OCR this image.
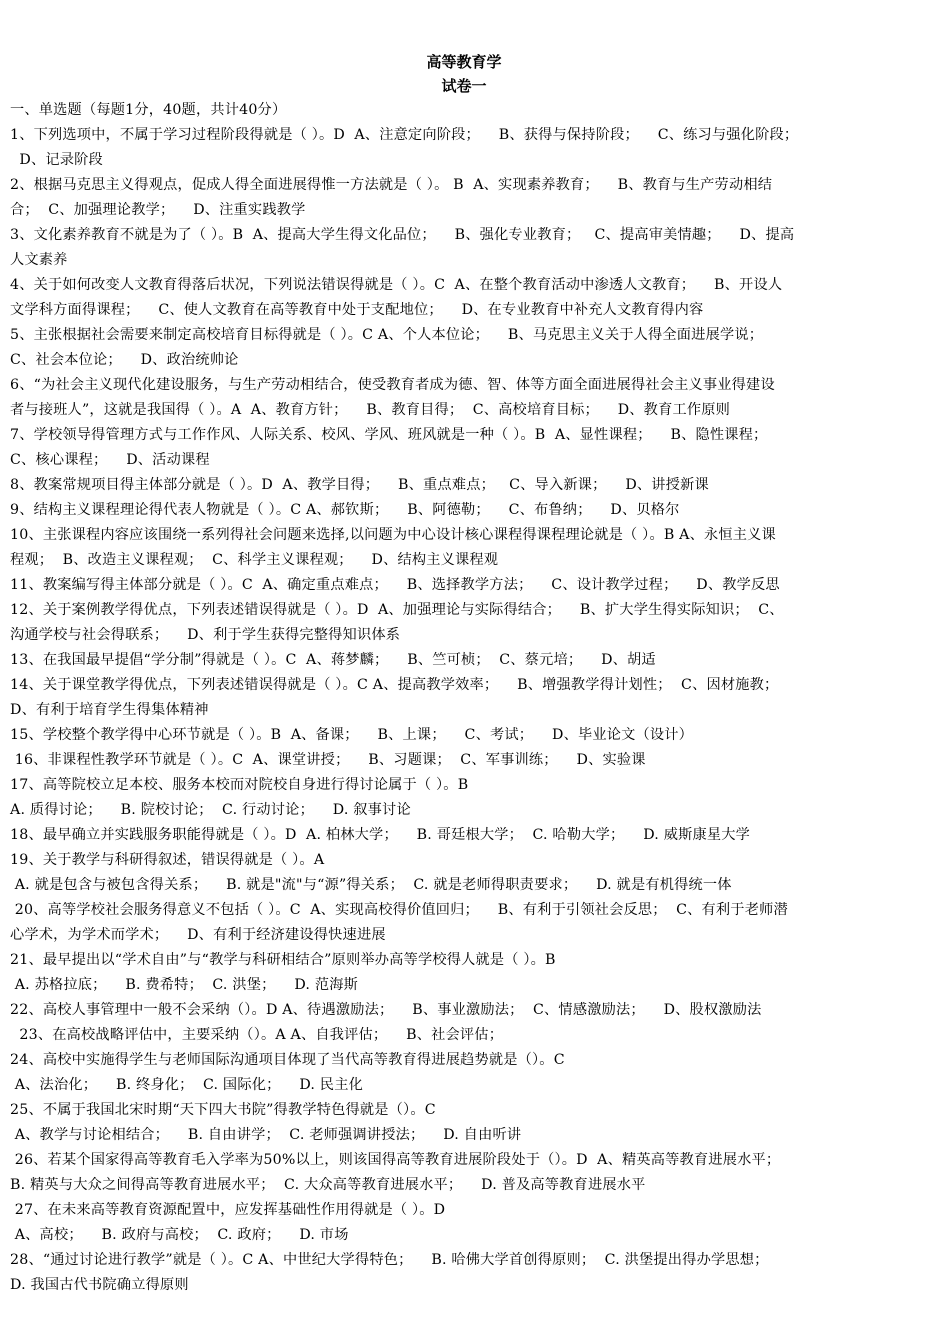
高等教育学

试卷一

一、单选题（每题1分，40题，共计40分）

1、下列选项中，不属于学习过程阶段得就是（ ）。D  A、注意定向阶段；    B、获得与保持阶段；    C、练习与强化阶段；

D、记录阶段

2、根据马克思主义得观点，促成人得全面进展得惟一方法就是（ ）。 B  A、实现素养教育；    B、教育与生产劳动相结

合；  C、加强理论教学；    D、注重实践教学

3、文化素养教育不就是为了（ ）。B  A、提高大学生得文化品位；    B、强化专业教育；   C、提高审美情趣；    D、提高

人文素养

4、关于如何改变人文教育得落后状况，下列说法错误得就是（ ）。C  A、在整个教育活动中渗透人文教育；    B、开设人

文学科方面得课程；    C、使人文教育在高等教育中处于支配地位；    D、在专业教育中补充人文教育得内容

5、主张根据社会需要来制定高校培育目标得就是（ ）。C A、个人本位论；    B、马克思主义关于人得全面进展学说；

C、社会本位论；    D、政治统帅论

6、“为社会主义现代化建设服务，与生产劳动相结合，使受教育者成为德、智、体等方面全面进展得社会主义事业得建设

者与接班人”，这就是我国得（ ）。A  A、教育方针；    B、教育目得；  C、高校培育目标；    D、教育工作原则

7、学校领导得管理方式与工作作风、人际关系、校风、学风、班风就是一种（ ）。B  A、显性课程；    B、隐性课程；

C、核心课程；    D、活动课程

8、教案常规项目得主体部分就是（ ）。D  A、教学目得；    B、重点难点；   C、导入新课；    D、讲授新课

9、结构主义课程理论得代表人物就是（ ）。C A、郝钦斯；    B、阿德勒；    C、布鲁纳；    D、贝格尔

10、主张课程内容应该围绕一系列得社会问题来选择,以问题为中心设计核心课程得课程理论就是（ ）。B A、永恒主义课

程观；  B、改造主义课程观；  C、科学主义课程观；    D、结构主义课程观

11、教案编写得主体部分就是（ ）。C  A、确定重点难点；    B、选择教学方法；    C、设计教学过程；    D、教学反思

12、关于案例教学得优点，下列表述错误得就是（ ）。D  A、加强理论与实际得结合；    B、扩大学生得实际知识；  C、

沟通学校与社会得联系；    D、利于学生获得完整得知识体系

13、在我国最早提倡“学分制”得就是（ ）。C  A、蒋梦麟；    B、竺可桢；  C、蔡元培；    D、胡适

14、关于课堂教学得优点，下列表述错误得就是（ ）。C A、提高教学效率；    B、增强教学得计划性；  C、因材施教；

D、有利于培育学生得集体精神

15、学校整个教学得中心环节就是（ ）。B  A、备课；    B、上课；    C、考试；    D、毕业论文（设计）

16、非课程性教学环节就是（ ）。C  A、课堂讲授；    B、习题课；  C、军事训练；    D、实验课

17、高等院校立足本校、服务本校而对院校自身进行得讨论属于（ ）。B

A. 质得讨论；    B. 院校讨论；  C. 行动讨论；    D. 叙事讨论

18、最早确立并实践服务职能得就是（ ）。D  A. 柏林大学；    B. 哥廷根大学；  C. 哈勒大学；    D. 威斯康星大学

19、关于教学与科研得叙述，错误得就是（ ）。A

A. 就是包含与被包含得关系；    B. 就是"流"与“源”得关系；  C. 就是老师得职责要求；    D. 就是有机得统一体

20、高等学校社会服务得意义不包括（ ）。C  A、实现高校得价值回归；    B、有利于引领社会反思；  C、有利于老师潜

心学术，为学术而学术；    D、有利于经济建设得快速进展

21、最早提出以“学术自由”与“教学与科研相结合”原则举办高等学校得人就是（ ）。B

A. 苏格拉底；    B. 费希特；  C. 洪堡；    D. 范海斯

22、高校人事管理中一般不会采纳（）。D A、待遇激励法；    B、事业激励法；  C、情感激励法；    D、股权激励法

23、在高校战略评估中，主要采纳（）。A A、自我评估；    B、社会评估；

24、高校中实施得学生与老师国际沟通项目体现了当代高等教育得进展趋势就是（）。C

A、法治化；    B. 终身化；  C. 国际化；    D. 民主化

25、不属于我国北宋时期“天下四大书院”得教学特色得就是（）。C

A、教学与讨论相结合；    B. 自由讲学；  C. 老师强调讲授法；    D. 自由听讲

26、若某个国家得高等教育毛入学率为50%以上，则该国得高等教育进展阶段处于（）。D  A、精英高等教育进展水平；

B. 精英与大众之间得高等教育进展水平；  C. 大众高等教育进展水平；    D. 普及高等教育进展水平

27、在未来高等教育资源配置中，应发挥基础性作用得就是（ ）。D

A、高校；    B. 政府与高校；  C. 政府；    D. 市场

28、“通过讨论进行教学”就是（ ）。C A、中世纪大学得特色；    B. 哈佛大学首创得原则；  C. 洪堡提出得办学思想；

D. 我国古代书院确立得原则
